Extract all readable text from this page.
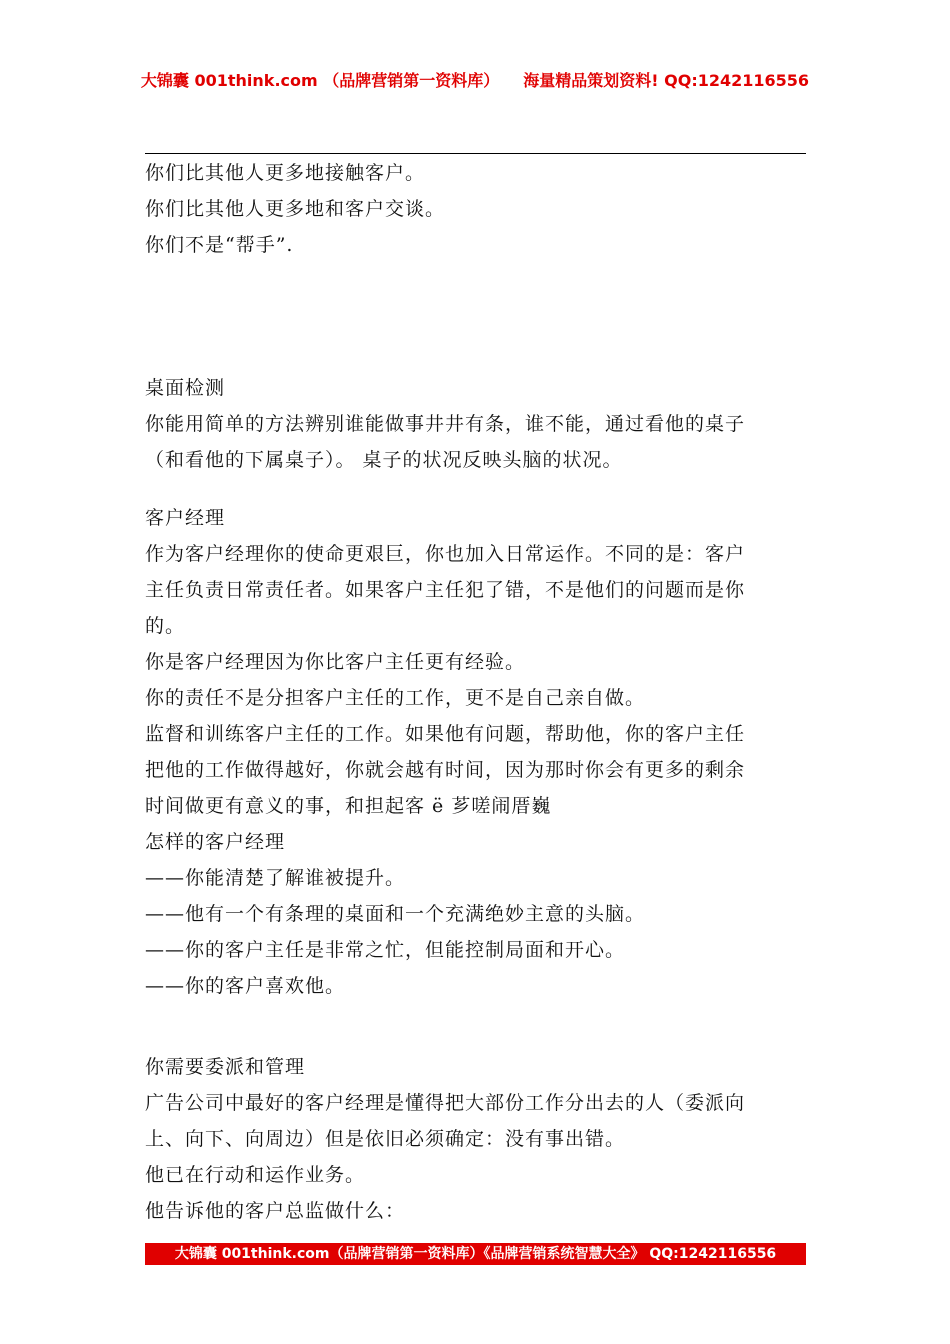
大锦囊 001think.com （品牌营销第一资料库） 海量精品策划资料! QQ:1242116556
你们比其他人更多地接触客户。
你们比其他人更多地和客户交谈。
你们不是“帮手”.
桌面检测
你能用简单的方法辨别谁能做事井井有条，谁不能，通过看他的桌子
（和看他的下属桌子）。 桌子的状况反映头脑的状况。
客户经理
作为客户经理你的使命更艰巨，你也加入日常运作。不同的是：客户
主任负责日常责任者。如果客户主任犯了错，不是他们的问题而是你
的。
你是客户经理因为你比客户主任更有经验。
你的责任不是分担客户主任的工作，更不是自己亲自做。
监督和训练客户主任的工作。如果他有问题，帮助他，你的客户主任
把他的工作做得越好，你就会越有时间，因为那时你会有更多的剩余
时间做更有意义的事，和担起客 ë 芗嗟闹厝巍
怎样的客户经理
——你能清楚了解谁被提升。
——他有一个有条理的桌面和一个充满绝妙主意的头脑。
——你的客户主任是非常之忙，但能控制局面和开心。
——你的客户喜欢他。
你需要委派和管理
广告公司中最好的客户经理是懂得把大部份工作分出去的人（委派向
上、向下、向周边）但是依旧必须确定：没有事出错。
他已在行动和运作业务。
他告诉他的客户总监做什么：
大锦囊 001think.com（品牌营销第一资料库）《品牌营销系统智慧大全》 QQ:1242116556
